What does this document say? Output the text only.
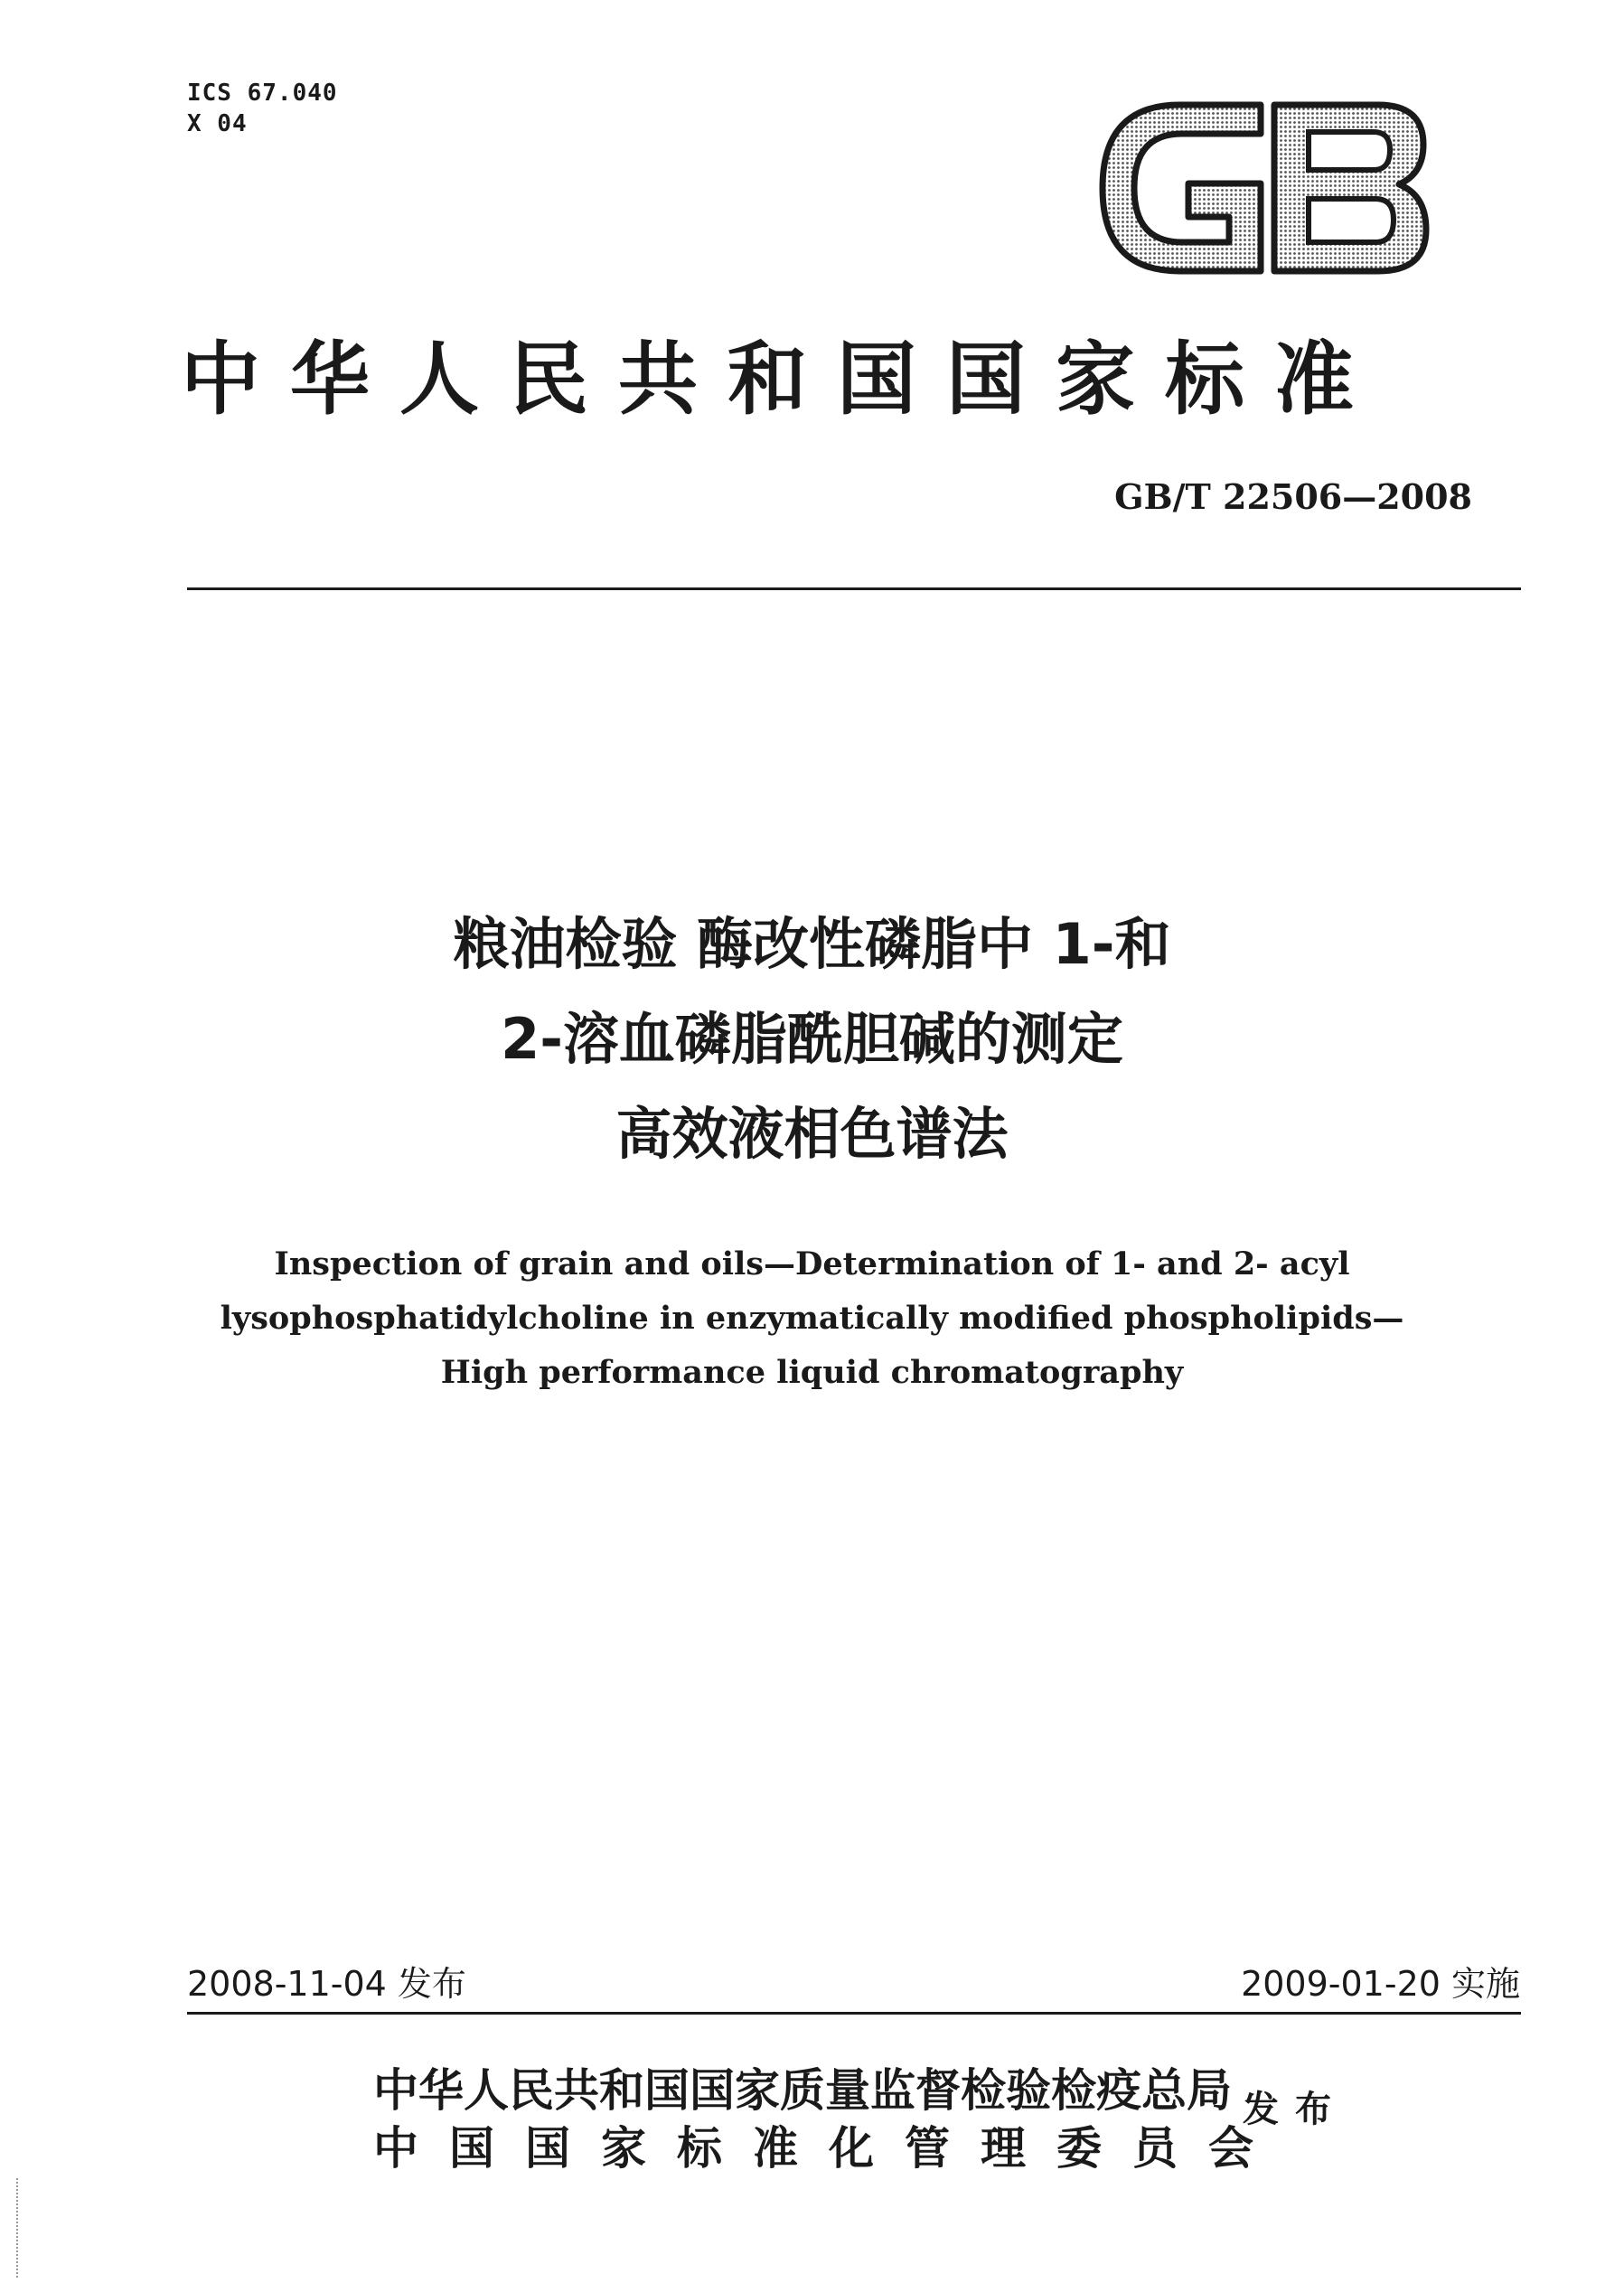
ICS 67.040
X 04
中华人民共和国国家标准
GB/T 22506—2008
粮油检验 酶改性磷脂中 1-和
2-溶血磷脂酰胆碱的测定
高效液相色谱法
Inspection of grain and oils—Determination of 1- and 2- acyl
lysophosphatidylcholine in enzymatically modified phospholipids—
High performance liquid chromatography
2008-11-04 发布	2009-01-20 实施
中华人民共和国国家质量监督检验检疫总局
中国国家标准化管理委员会
发布
